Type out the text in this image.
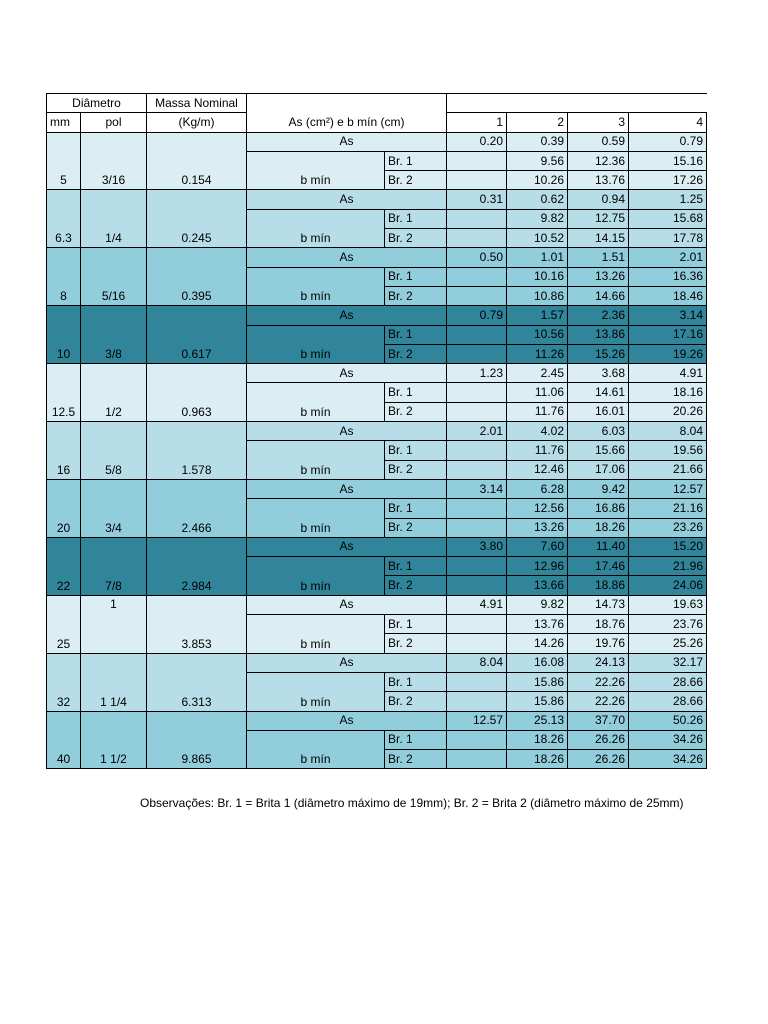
Diâmetro		Massa Nominal						
mm	pol	(Kg/m)	As (cm²) e b mín (cm)		1	2	3	4
5	3/16	0.154	As		0.20	0.39	0.59	0.79
			b mín	Br. 1		9.56	12.36	15.16
				Br. 2		10.26	13.76	17.26
6.3	1/4	0.245	As		0.31	0.62	0.94	1.25
			b mín	Br. 1		9.82	12.75	15.68
				Br. 2		10.52	14.15	17.78
8	5/16	0.395	As		0.50	1.01	1.51	2.01
			b mín	Br. 1		10.16	13.26	16.36
				Br. 2		10.86	14.66	18.46
10	3/8	0.617	As		0.79	1.57	2.36	3.14
			b mín	Br. 1		10.56	13.86	17.16
				Br. 2		11.26	15.26	19.26
12.5	1/2	0.963	As		1.23	2.45	3.68	4.91
			b mín	Br. 1		11.06	14.61	18.16
				Br. 2		11.76	16.01	20.26
16	5/8	1.578	As		2.01	4.02	6.03	8.04
			b mín	Br. 1		11.76	15.66	19.56
				Br. 2		12.46	17.06	21.66
20	3/4	2.466	As		3.14	6.28	9.42	12.57
			b mín	Br. 1		12.56	16.86	21.16
				Br. 2		13.26	18.26	23.26
22	7/8	2.984	As		3.80	7.60	11.40	15.20
			b mín	Br. 1		12.96	17.46	21.96
				Br. 2		13.66	18.86	24.06
25	1	3.853	As		4.91	9.82	14.73	19.63
			b mín	Br. 1		13.76	18.76	23.76
				Br. 2		14.26	19.76	25.26
32	1 1/4	6.313	As		8.04	16.08	24.13	32.17
			b mín	Br. 1		15.86	22.26	28.66
				Br. 2		15.86	22.26	28.66
40	1 1/2	9.865	As		12.57	25.13	37.70	50.26
			b mín	Br. 1		18.26	26.26	34.26
				Br. 2		18.26	26.26	34.26
Observações: Br. 1 = Brita 1 (diâmetro máximo de 19mm); Br. 2 = Brita 2 (diâmetro máximo de 25mm)
